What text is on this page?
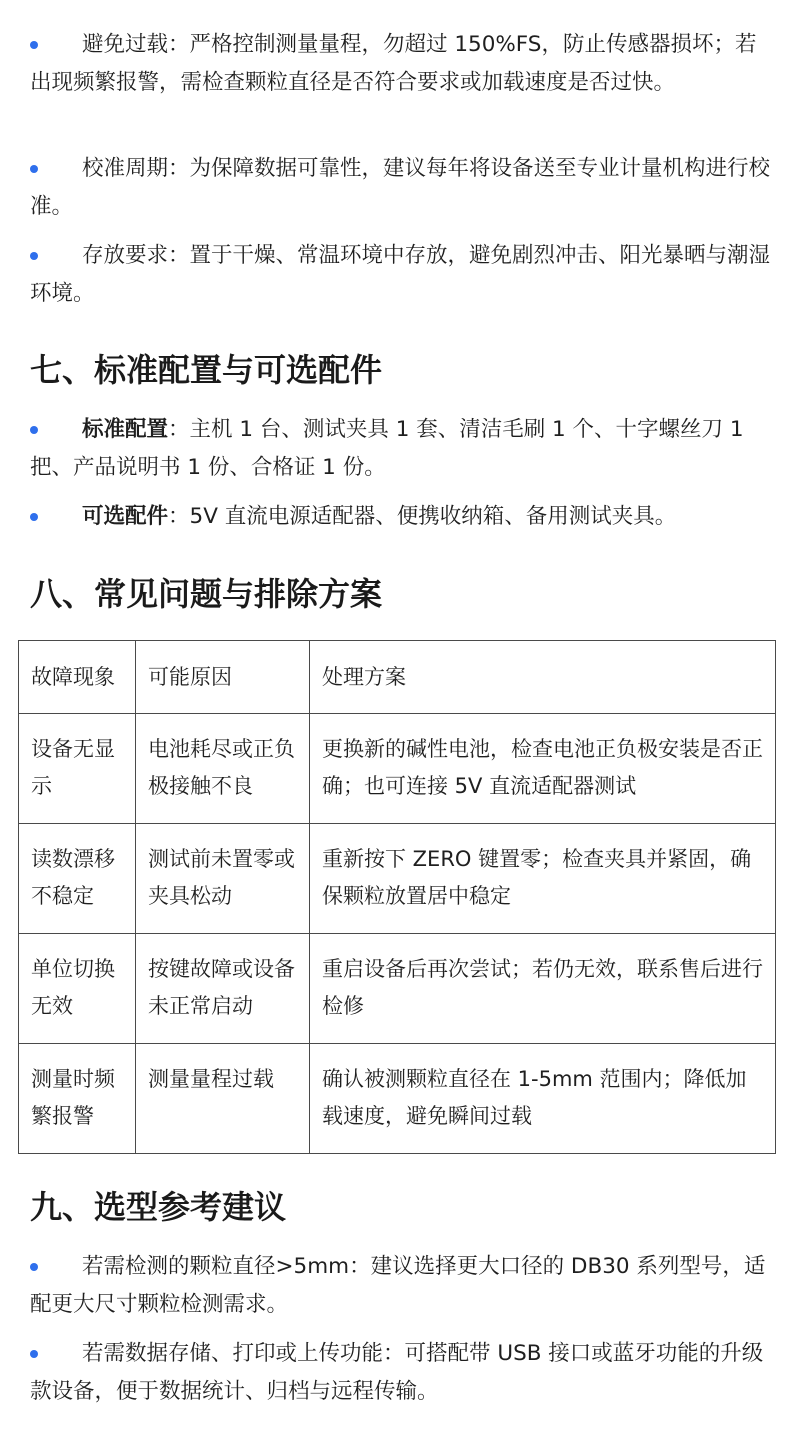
避免过载：严格控制测量量程，勿超过 150%FS，防止传感器损坏；若出现频繁报警，需检查颗粒直径是否符合要求或加载速度是否过快。
校准周期：为保障数据可靠性，建议每年将设备送至专业计量机构进行校准。
存放要求：置于干燥、常温环境中存放，避免剧烈冲击、阳光暴晒与潮湿环境。
七、标准配置与可选配件
标准配置：主机 1 台、测试夹具 1 套、清洁毛刷 1 个、十字螺丝刀 1 把、产品说明书 1 份、合格证 1 份。
可选配件：5V 直流电源适配器、便携收纳箱、备用测试夹具。
八、常见问题与排除方案
故障现象	可能原因	处理方案
设备无显示	电池耗尽或正负极接触不良	更换新的碱性电池，检查电池正负极安装是否正确；也可连接 5V 直流适配器测试
读数漂移不稳定	测试前未置零或夹具松动	重新按下 ZERO 键置零；检查夹具并紧固，确保颗粒放置居中稳定
单位切换无效	按键故障或设备未正常启动	重启设备后再次尝试；若仍无效，联系售后进行检修
测量时频繁报警	测量量程过载	确认被测颗粒直径在 1-5mm 范围内；降低加载速度，避免瞬间过载
九、选型参考建议
若需检测的颗粒直径>5mm：建议选择更大口径的 DB30 系列型号，适配更大尺寸颗粒检测需求。
若需数据存储、打印或上传功能：可搭配带 USB 接口或蓝牙功能的升级款设备，便于数据统计、归档与远程传输。
